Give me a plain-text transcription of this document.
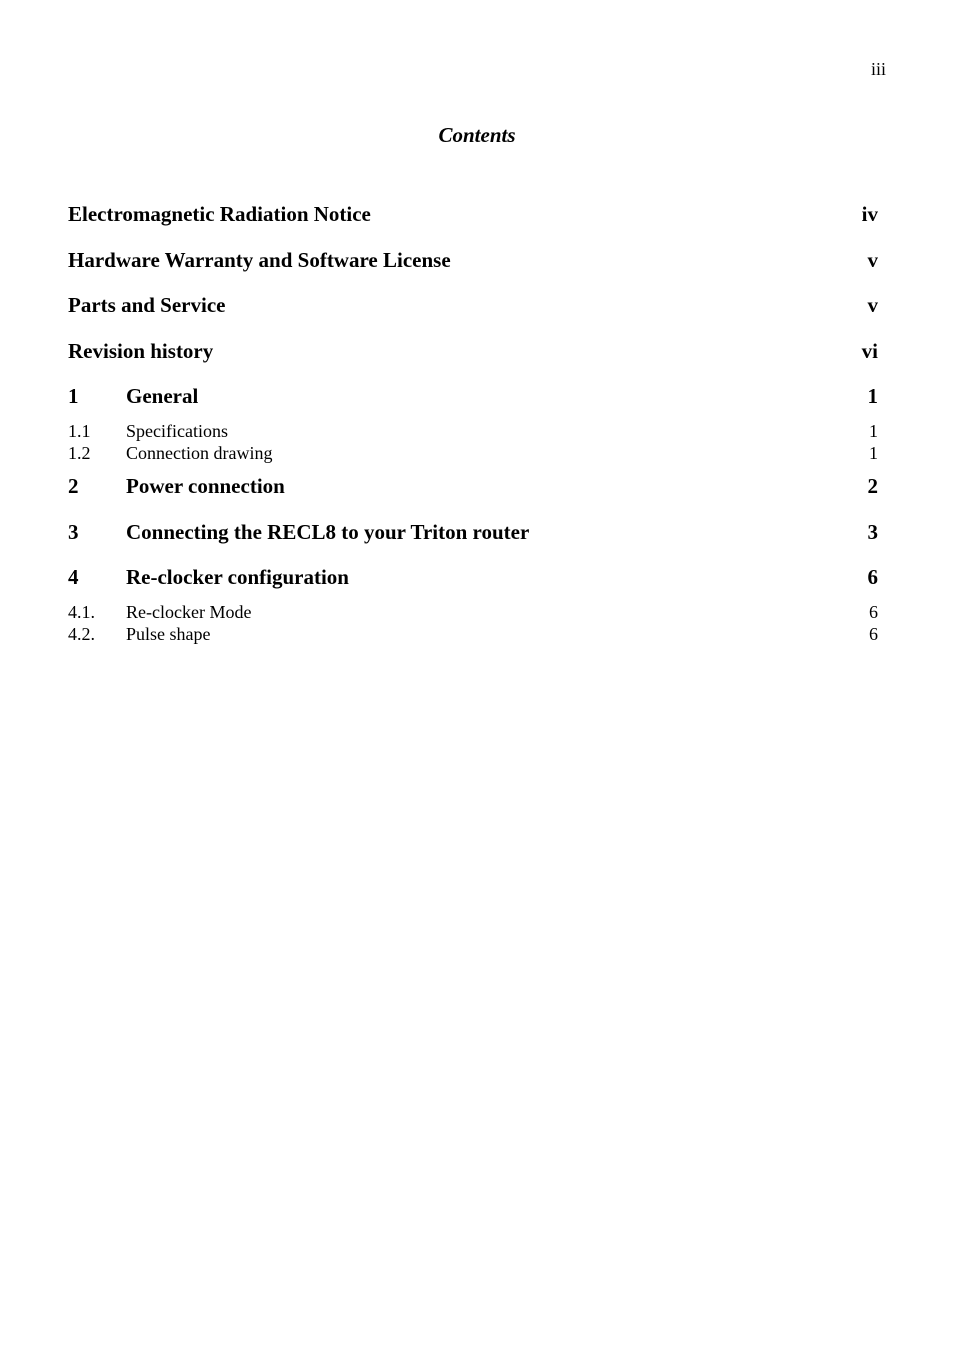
iii
Contents
Electromagnetic Radiation Notice	iv
Hardware Warranty and Software License	v
Parts and Service	v
Revision history	vi
1	General	1
1.1	Specifications	1
1.2	Connection drawing	1
2	Power connection	2
3	Connecting the RECL8 to your Triton router	3
4	Re-clocker configuration	6
4.1.	Re-clocker Mode	6
4.2.	Pulse shape	6
